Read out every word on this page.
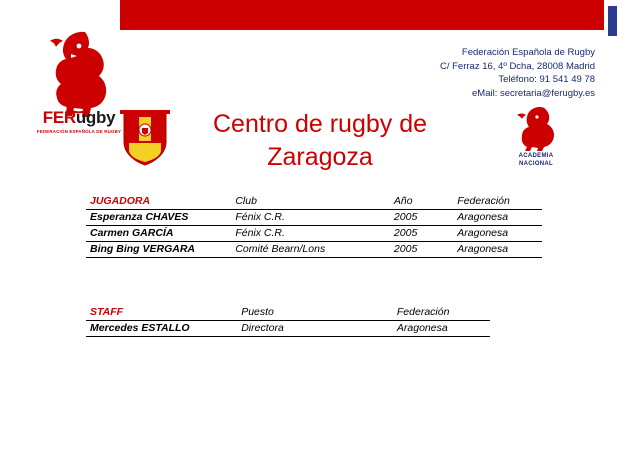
FERugby
FEDERACIÓN ESPAÑOLA DE RUGBY
Federación Española de Rugby
C/ Ferraz 16, 4º Dcha, 28008 Madrid
Teléfono: 91 541 49 78
eMail: secretaria@ferugby.es
Centro de rugby de
Zaragoza	ACADEMIA
NACIONAL
JUGADORA	Club	Año	Federación
Esperanza CHAVES	Fénix C.R.	2005	Aragonesa
Carmen GARCÍA	Fénix C.R.	2005	Aragonesa
Bing Bing VERGARA	Comité Bearn/Lons	2005	Aragonesa
STAFF	Puesto	Federación
Mercedes ESTALLO	Directora	Aragonesa
